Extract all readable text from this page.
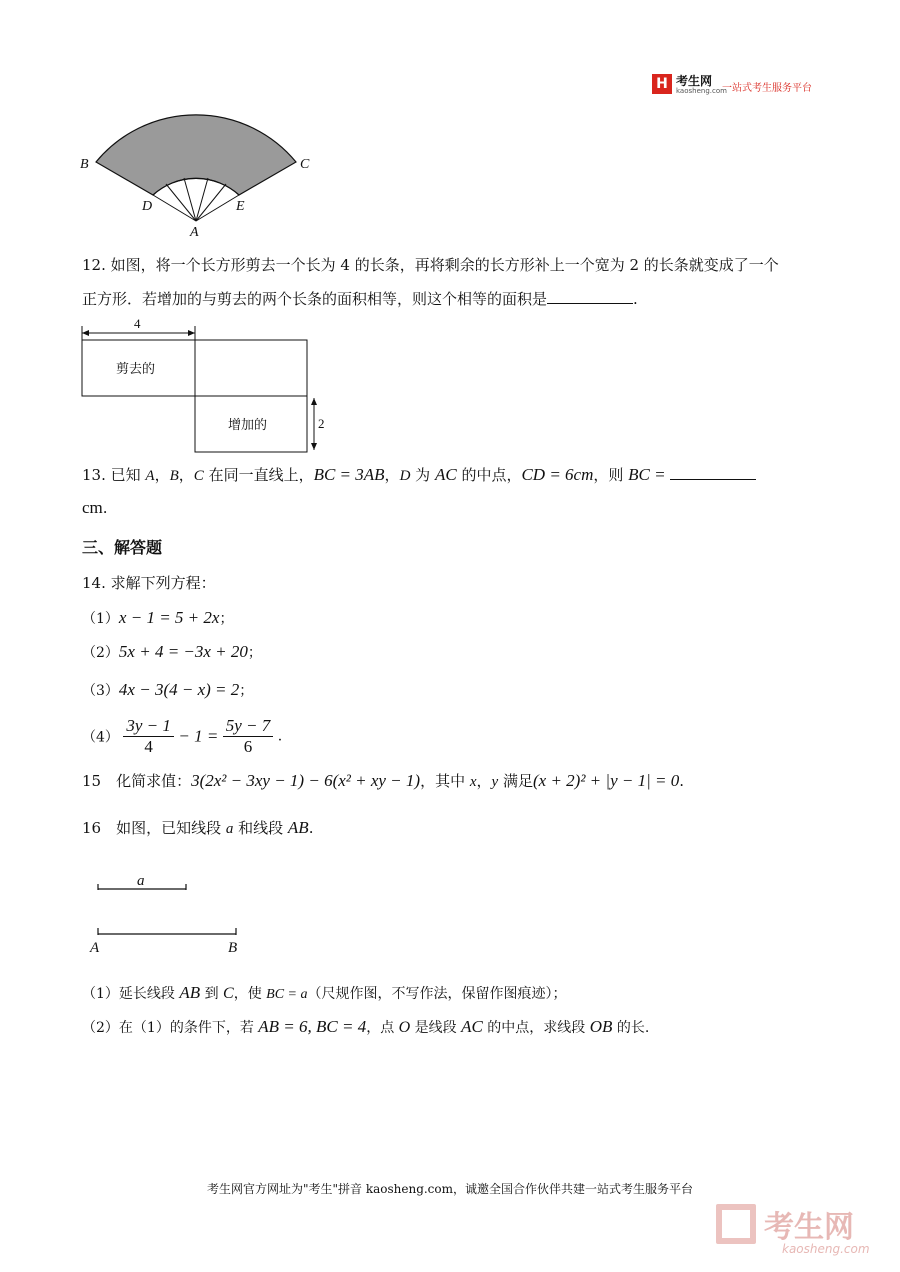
H 考生网
kaosheng.com
一站式考生服务平台
B	C
D	E
A
12. 如图，将一个长方形剪去一个长为 4 的长条，再将剩余的长方形补上一个宽为 2 的长条就变成了一个
正方形．若增加的与剪去的两个长条的面积相等，则这个相等的面积是	.
4
剪去的
增加的	2
13. 已知 A，B，C 在同一直线上，BC = 3AB，D 为 AC 的中点，CD = 6cm，则 BC =
cm.
三、解答题
14. 求解下列方程：
（1）x − 1 = 5 + 2x；
（2）5x + 4 = −3x + 20；
（3）4x − 3(4 − x) = 2；
$(4) \frac{3y - 1}{4} - 1 = \frac{5y - 7}{6}$ .
15　化简求值：3(2x² − 3xy − 1) − 6(x² + xy − 1)，其中 x，y 满足(x + 2)² + |y − 1| = 0.
16　如图，已知线段 a 和线段 AB.
a
A	B
（1）延长线段 AB 到 C，使 BC = a（尺规作图，不写作法，保留作图痕迹）；
（2）在（1）的条件下，若 AB = 6, BC = 4，点 O 是线段 AC 的中点，求线段 OB 的长.
考生网官方网址为"考生"拼音 kaosheng.com，诚邀全国合作伙伴共建一站式考生服务平台
考生网
kaosheng.com
